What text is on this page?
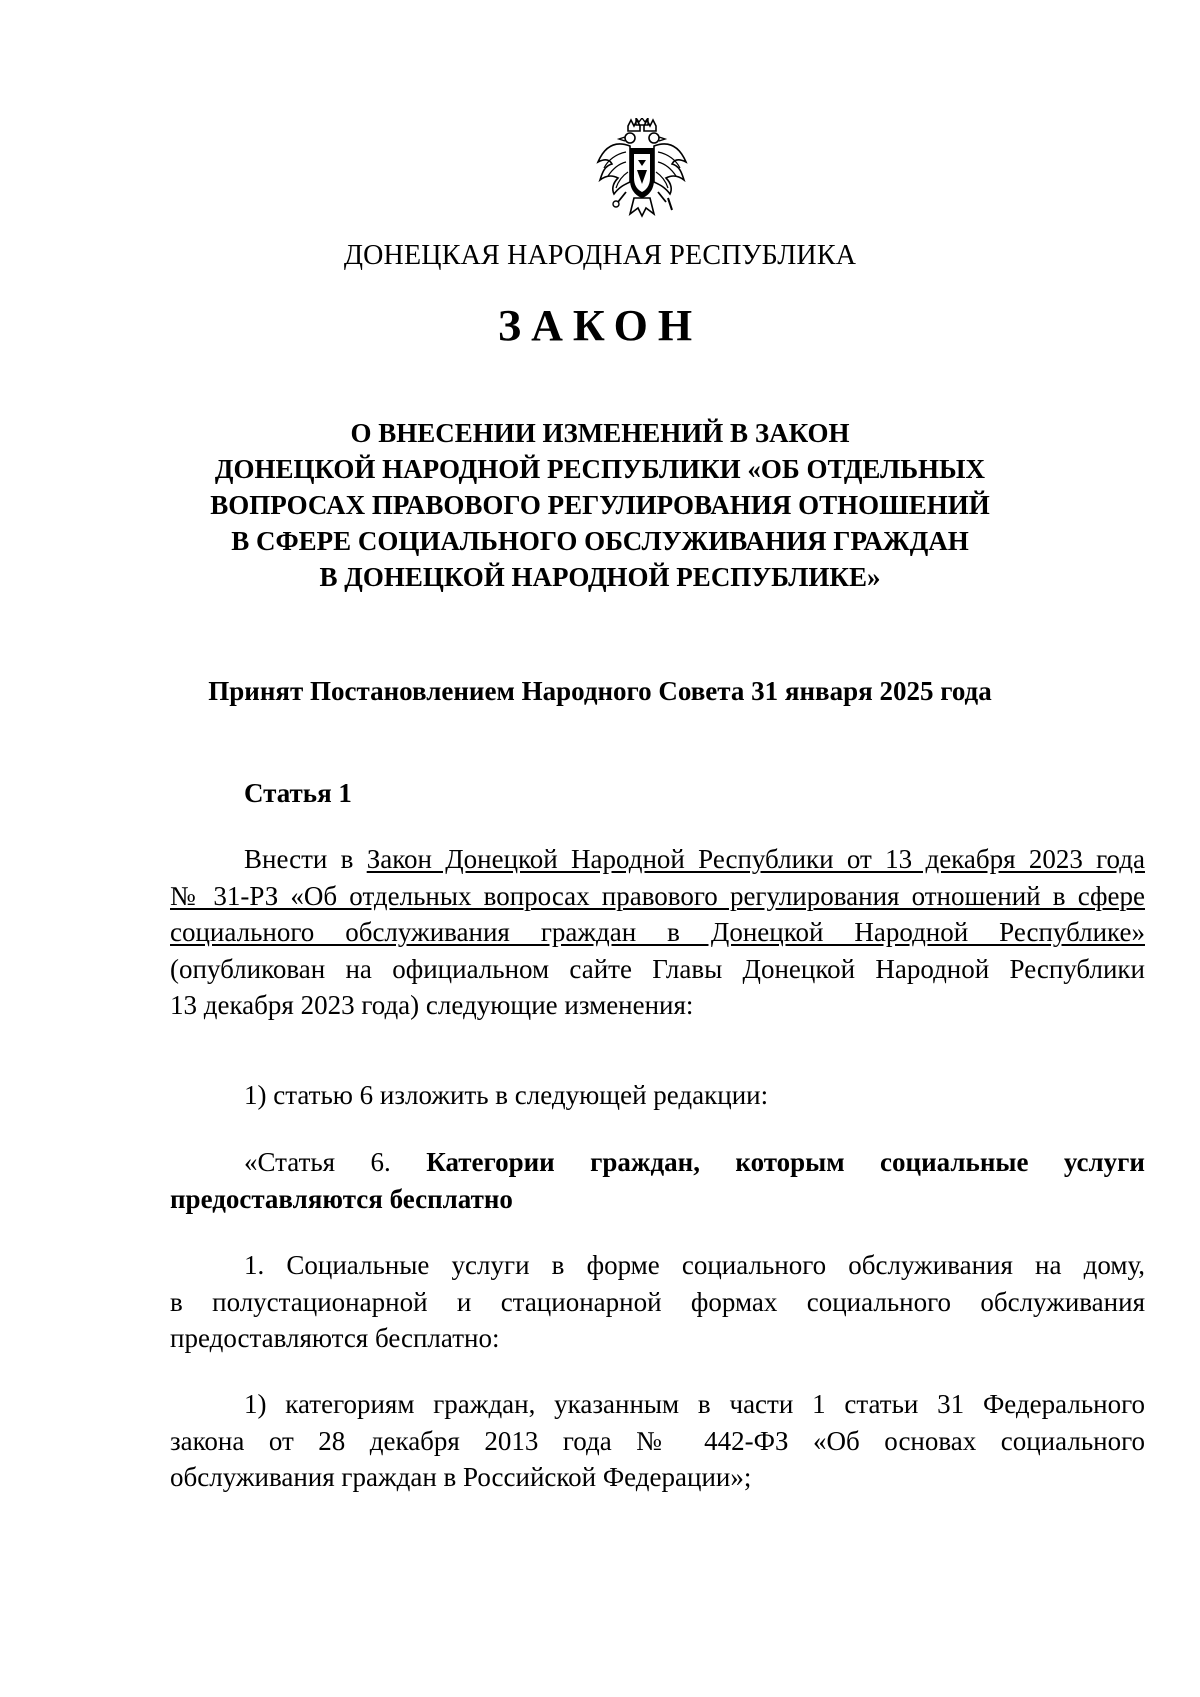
ДОНЕЦКАЯ НАРОДНАЯ РЕСПУБЛИКА
ЗАКОН
О ВНЕСЕНИИ ИЗМЕНЕНИЙ В ЗАКОН
ДОНЕЦКОЙ НАРОДНОЙ РЕСПУБЛИКИ «ОБ ОТДЕЛЬНЫХ
ВОПРОСАХ ПРАВОВОГО РЕГУЛИРОВАНИЯ ОТНОШЕНИЙ
В СФЕРЕ СОЦИАЛЬНОГО ОБСЛУЖИВАНИЯ ГРАЖДАН
В ДОНЕЦКОЙ НАРОДНОЙ РЕСПУБЛИКЕ»
Принят Постановлением Народного Совета 31 января 2025 года
Статья 1
Внести в Закон Донецкой Народной Республики от 13 декабря 2023 года
№ 31-РЗ «Об отдельных вопросах правового регулирования отношений в сфере
социального обслуживания граждан в Донецкой Народной Республике»
(опубликован на официальном сайте Главы Донецкой Народной Республики
13 декабря 2023 года) следующие изменения:
1) статью 6 изложить в следующей редакции:
«Статья 6. Категории граждан, которым социальные услуги
предоставляются бесплатно
1. Социальные услуги в форме социального обслуживания на дому,
в полустационарной и стационарной формах социального обслуживания
предоставляются бесплатно:
1) категориям граждан, указанным в части 1 статьи 31 Федерального
закона от 28 декабря 2013 года № 442-ФЗ «Об основах социального
обслуживания граждан в Российской Федерации»;
